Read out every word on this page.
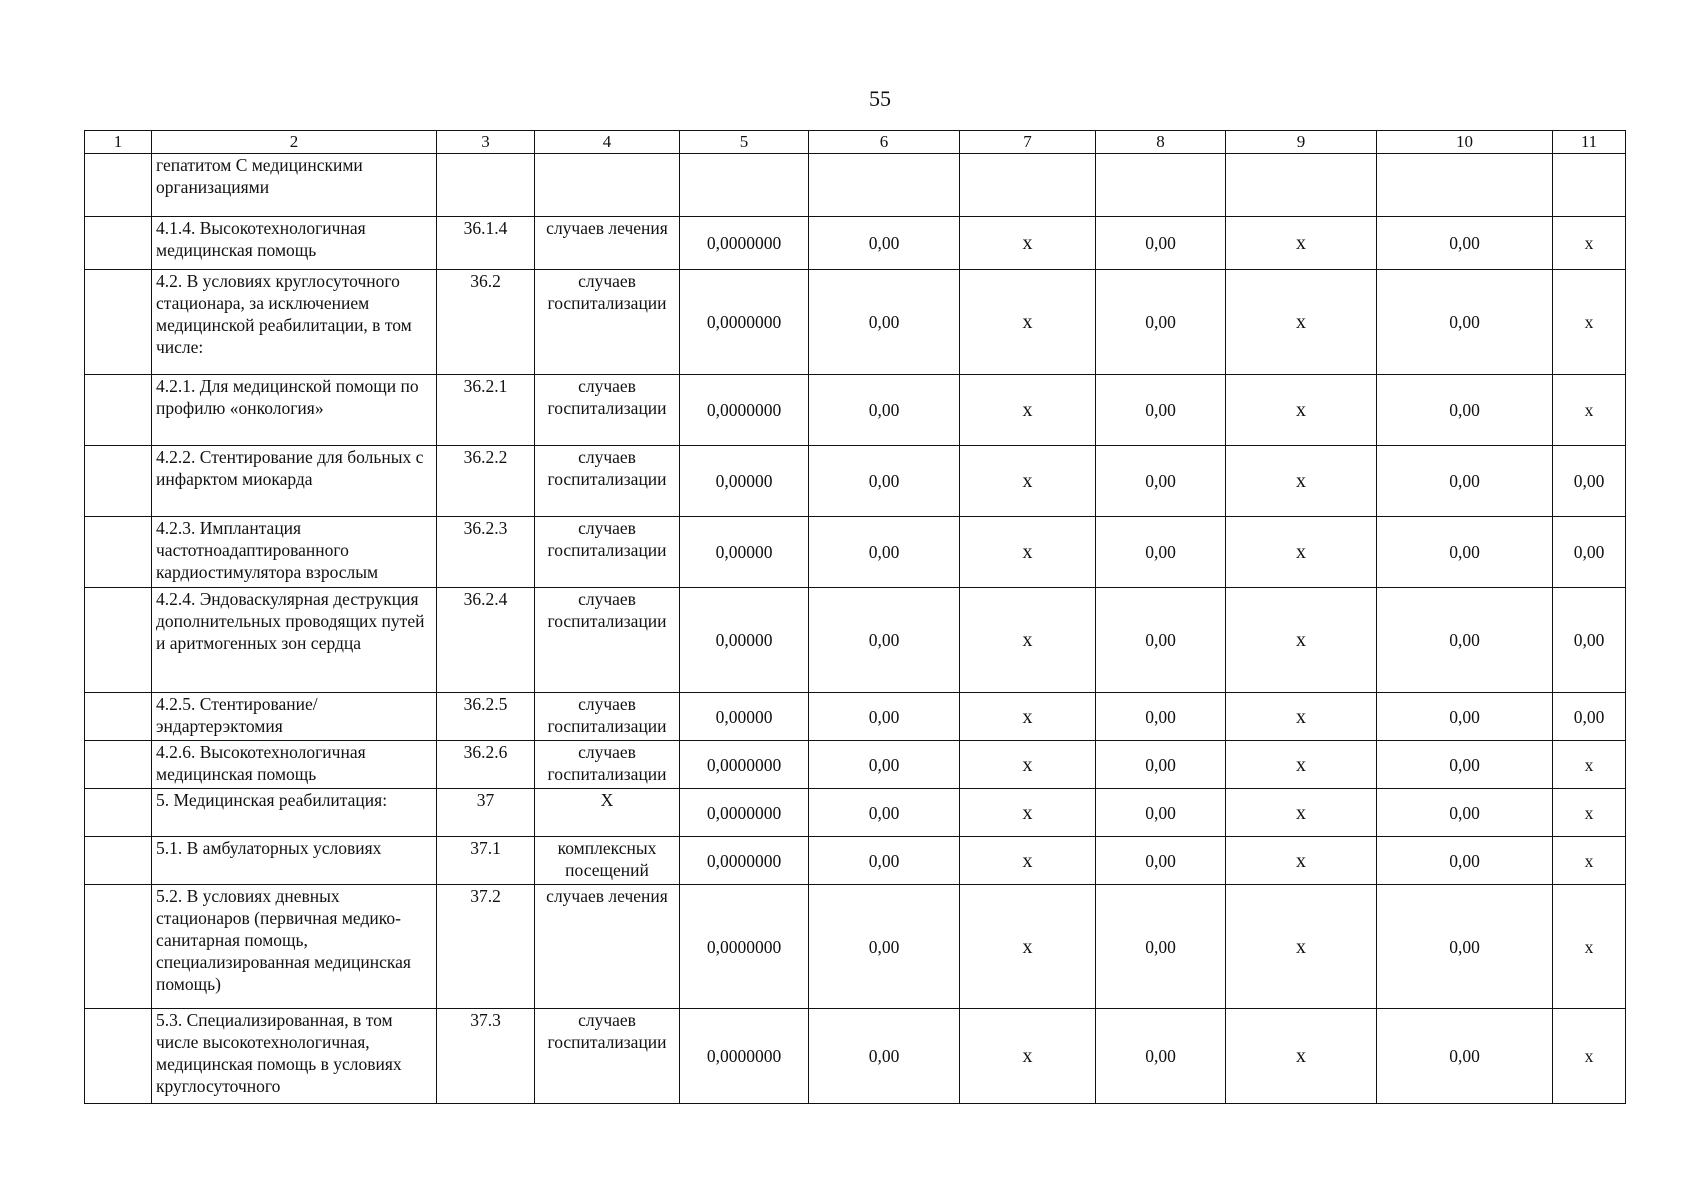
55
1	2	3	4	5	6	7	8	9	10	11
	гепатитом С медицинскими организациями									
	4.1.4. Высокотехнологичная медицинская помощь	36.1.4	случаев лечения	0,0000000	0,00	х	0,00	х	0,00	х
	4.2. В условиях круглосуточного стационара, за исключением медицинской реабилитации, в том числе:	36.2	случаев госпитализации	0,0000000	0,00	х	0,00	х	0,00	х
	4.2.1. Для медицинской помощи по профилю «онкология»	36.2.1	случаев госпитализации	0,0000000	0,00	х	0,00	х	0,00	х
	4.2.2. Стентирование для больных с инфарктом миокарда	36.2.2	случаев госпитализации	0,00000	0,00	х	0,00	х	0,00	0,00
	4.2.3. Имплантация частотноадаптированного кардиостимулятора взрослым	36.2.3	случаев госпитализации	0,00000	0,00	х	0,00	х	0,00	0,00
	4.2.4. Эндоваскулярная деструкция дополнительных проводящих путей и аритмогенных зон сердца	36.2.4	случаев госпитализации	0,00000	0,00	х	0,00	х	0,00	0,00
	4.2.5. Стентирование/эндартерэктомия	36.2.5	случаев госпитализации	0,00000	0,00	х	0,00	х	0,00	0,00
	4.2.6. Высокотехнологичная медицинская помощь	36.2.6	случаев госпитализации	0,0000000	0,00	х	0,00	х	0,00	х
	5. Медицинская реабилитация:	37	Х	0,0000000	0,00	х	0,00	х	0,00	х
	5.1. В амбулаторных условиях	37.1	комплексных посещений	0,0000000	0,00	х	0,00	х	0,00	х
	5.2. В условиях дневных стационаров (первичная медико-санитарная помощь, специализированная медицинская помощь)	37.2	случаев лечения	0,0000000	0,00	х	0,00	х	0,00	х
	5.3. Специализированная, в том числе высокотехнологичная, медицинская помощь в условиях круглосуточного	37.3	случаев госпитализации	0,0000000	0,00	х	0,00	х	0,00	х
